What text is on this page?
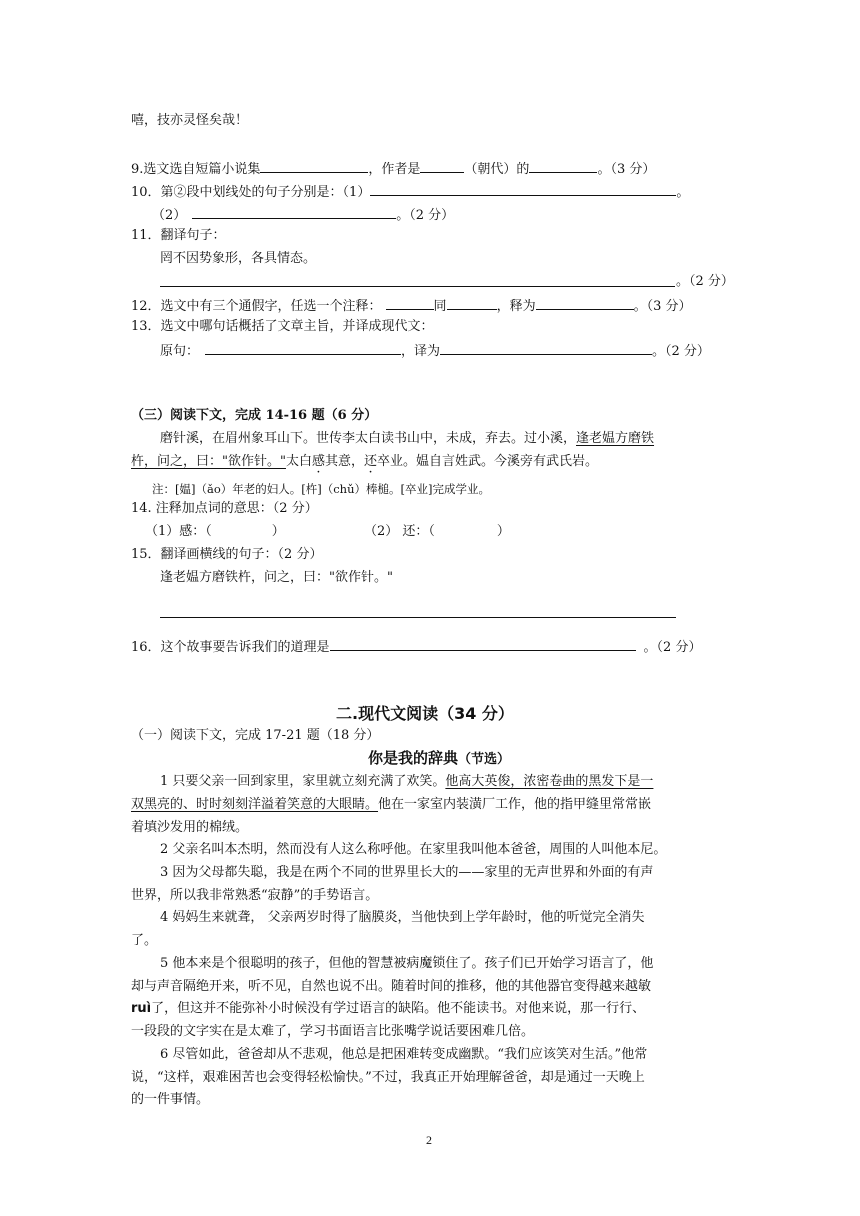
嘻，技亦灵怪矣哉！
9.选文选自短篇小说集	，作者是	（朝代）的	。（3 分）
10．第②段中划线处的句子分别是：（1）	。
（2）	。（2 分）
11．翻译句子：
罔不因势象形，各具情态。
。（2 分）
12．选文中有三个通假字，任选一个注释：	同	，释为	。（3 分）
13．选文中哪句话概括了文章主旨，并译成现代文：
原句：	，译为	。（2 分）
（三）阅读下文，完成 14-16 题（6 分）
磨针溪，在眉州象耳山下。世传李太白读书山中，未成，弃去。过小溪，逢老媪方磨铁
杵，问之，曰："欲作针。"太白感其意，还卒业。媪自言姓武。今溪旁有武氏岩。
注：[媪]（ǎo）年老的妇人。[杵]（chǔ）棒槌。[卒业]完成学业。
14. 注释加点词的意思：（2 分）
（1）感：（	）	（2） 还：（	）
15．翻译画横线的句子：（2 分）
逢老媪方磨铁杵，问之，曰："欲作针。"
16．这个故事要告诉我们的道理是	。（2 分）
二.现代文阅读（34 分）
（一）阅读下文，完成 17-21 题（18 分）
你是我的辞典（节选）
1 只要父亲一回到家里，家里就立刻充满了欢笑。他高大英俊，浓密卷曲的黑发下是一
双黑亮的、时时刻刻洋溢着笑意的大眼睛。他在一家室内装潢厂工作，他的指甲缝里常常嵌
着填沙发用的棉绒。
2 父亲名叫本杰明，然而没有人这么称呼他。在家里我叫他本爸爸，周围的人叫他本尼。
3 因为父母都失聪，我是在两个不同的世界里长大的——家里的无声世界和外面的有声
世界，所以我非常熟悉“寂静”的手势语言。
4 妈妈生来就聋， 父亲两岁时得了脑膜炎，当他快到上学年龄时，他的听觉完全消失
了。
5 他本来是个很聪明的孩子，但他的智慧被病魔锁住了。孩子们已开始学习语言了，他
却与声音隔绝开来，听不见，自然也说不出。随着时间的推移，他的其他器官变得越来越敏
ruì了，但这并不能弥补小时候没有学过语言的缺陷。他不能读书。对他来说，那一行行、
一段段的文字实在是太难了，学习书面语言比张嘴学说话要困难几倍。
6 尽管如此，爸爸却从不悲观，他总是把困难转变成幽默。“我们应该笑对生活。”他常
说，“这样，艰难困苦也会变得轻松愉快。”不过，我真正开始理解爸爸，却是通过一天晚上
的一件事情。
2
